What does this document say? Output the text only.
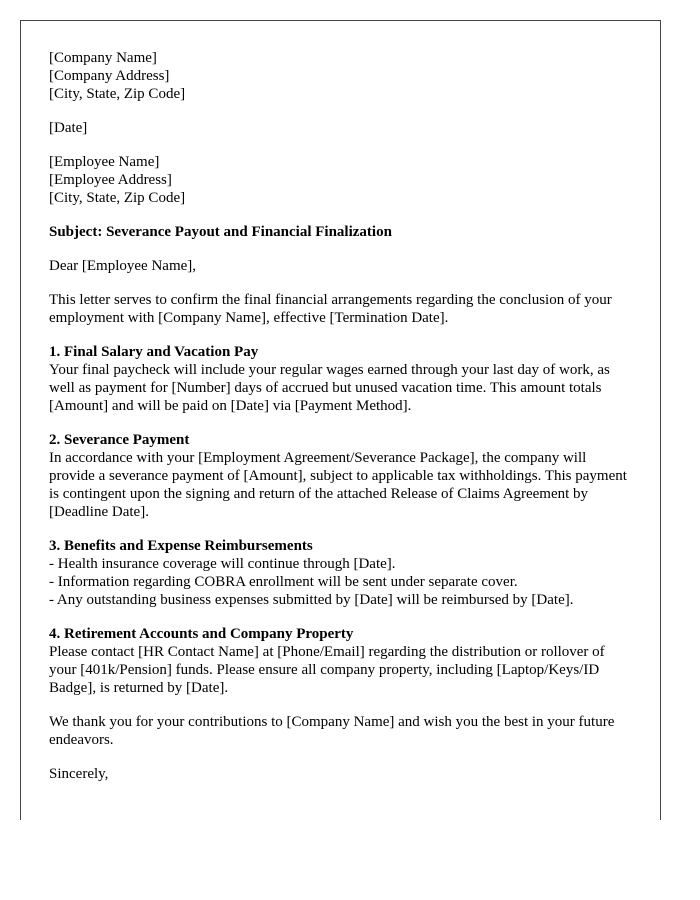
[Company Name]
[Company Address]
[City, State, Zip Code]
[Date]
[Employee Name]
[Employee Address]
[City, State, Zip Code]
Subject: Severance Payout and Financial Finalization
Dear [Employee Name],
This letter serves to confirm the final financial arrangements regarding the conclusion of your employment with [Company Name], effective [Termination Date].
1. Final Salary and Vacation Pay
Your final paycheck will include your regular wages earned through your last day of work, as well as payment for [Number] days of accrued but unused vacation time. This amount totals [Amount] and will be paid on [Date] via [Payment Method].
2. Severance Payment
In accordance with your [Employment Agreement/Severance Package], the company will provide a severance payment of [Amount], subject to applicable tax withholdings. This payment is contingent upon the signing and return of the attached Release of Claims Agreement by [Deadline Date].
3. Benefits and Expense Reimbursements
- Health insurance coverage will continue through [Date].
- Information regarding COBRA enrollment will be sent under separate cover.
- Any outstanding business expenses submitted by [Date] will be reimbursed by [Date].
4. Retirement Accounts and Company Property
Please contact [HR Contact Name] at [Phone/Email] regarding the distribution or rollover of your [401k/Pension] funds. Please ensure all company property, including [Laptop/Keys/ID Badge], is returned by [Date].
We thank you for your contributions to [Company Name] and wish you the best in your future endeavors.
Sincerely,
